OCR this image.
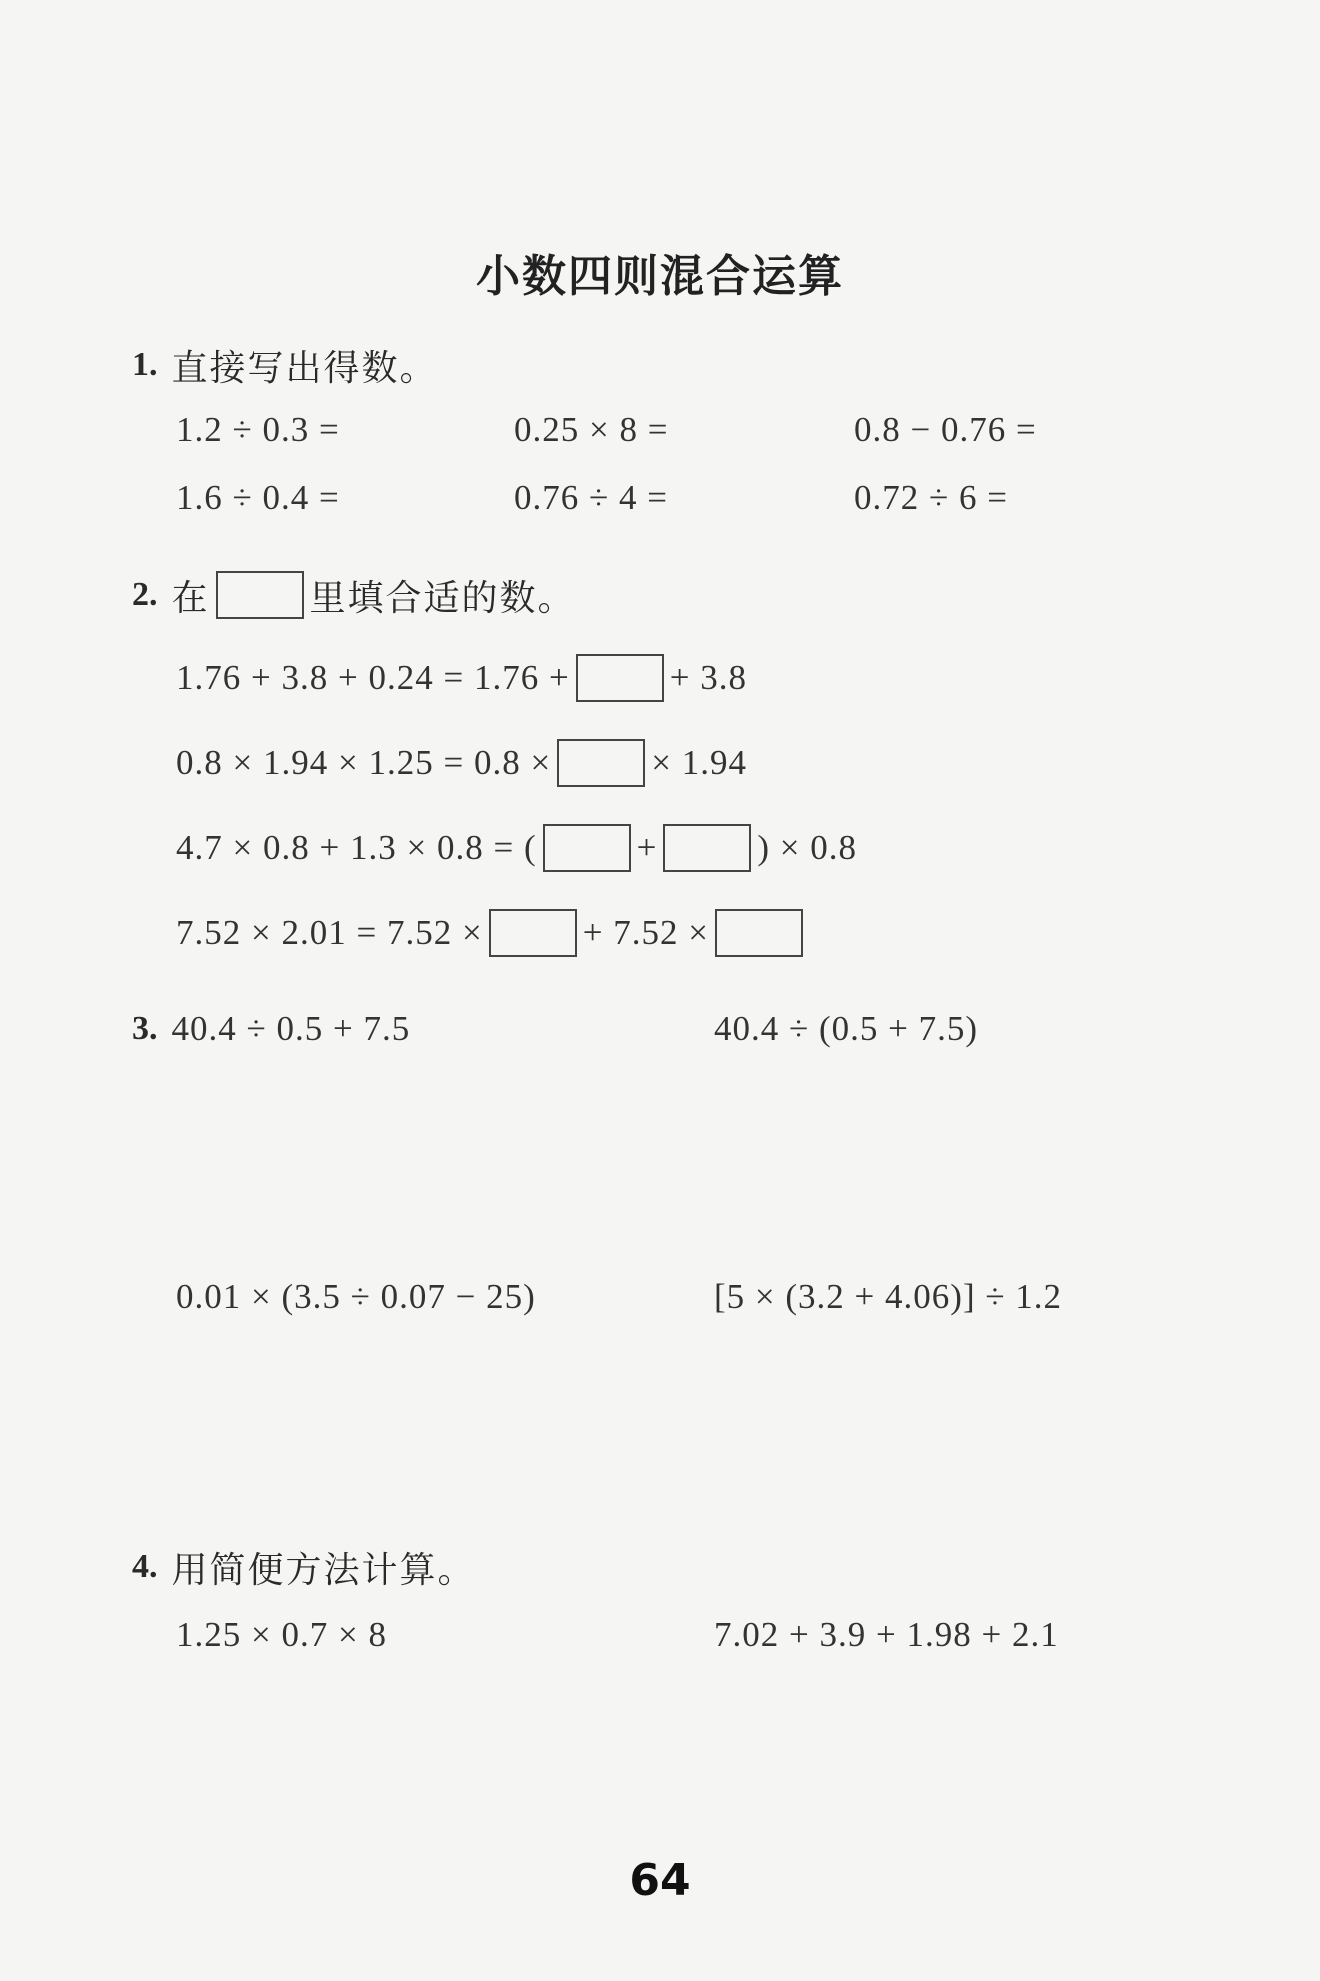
小数四则混合运算
1. 直接写出得数。
1.2 ÷ 0.3 =	0.25 × 8 =	0.8 − 0.76 =
1.6 ÷ 0.4 =	0.76 ÷ 4 =	0.72 ÷ 6 =
2. 在	里填合适的数。
1.76 + 3.8 + 0.24 = 1.76 +	+ 3.8
0.8 × 1.94 × 1.25 = 0.8 ×	× 1.94
4.7 × 0.8 + 1.3 × 0.8 = (	+	) × 0.8
7.52 × 2.01 = 7.52 ×	+ 7.52 ×
3. 40.4 ÷ 0.5 + 7.5	40.4 ÷ (0.5 + 7.5)
0.01 × (3.5 ÷ 0.07 − 25)	[5 × (3.2 + 4.06)] ÷ 1.2
4. 用简便方法计算。
1.25 × 0.7 × 8	7.02 + 3.9 + 1.98 + 2.1
64
